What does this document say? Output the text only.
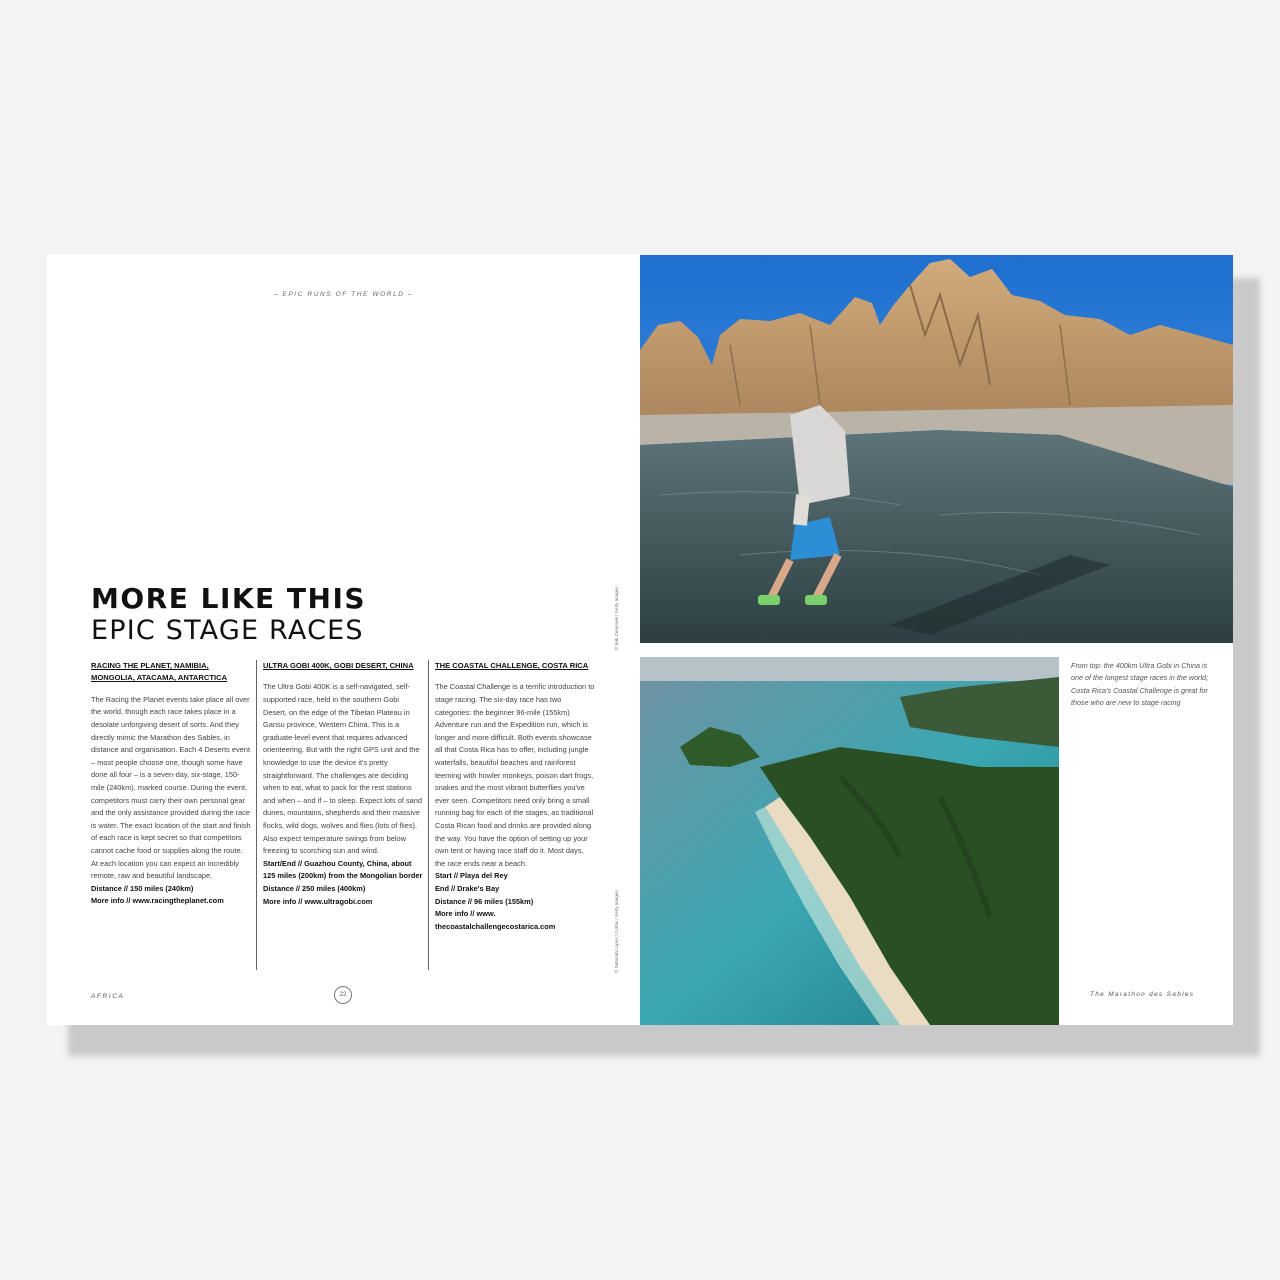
– EPIC RUNS OF THE WORLD –
MORE LIKE THIS
EPIC STAGE RACES

RACING THE PLANET, NAMIBIA, MONGOLIA, ATACAMA, ANTARCTICA

The Racing the Planet events take place all over the world, though each race takes place in a desolate unforgiving desert of sorts. And they directly mimic the Marathon des Sables, in distance and organisation. Each 4 Deserts event – most people choose one, though some have done all four – is a seven-day, six-stage, 150-mile (240km), marked course. During the event, competitors must carry their own personal gear and the only assistance provided during the race is water. The exact location of the start and finish of each race is kept secret so that competitors cannot cache food or supplies along the route. At each location you can expect an incredibly remote, raw and beautiful landscape.

Distance // 150 miles (240km)
More info // www.racingtheplanet.com

ULTRA GOBI 400K, GOBI DESERT, CHINA

The Ultra Gobi 400K is a self-navigated, self-supported race, held in the southern Gobi Desert, on the edge of the Tibetan Plateau in Gansu province, Western China. This is a graduate-level event that requires advanced orienteering. But with the right GPS unit and the knowledge to use the device it's pretty straightforward. The challenges are deciding when to eat, what to pack for the rest stations and when – and if – to sleep. Expect lots of sand dunes, mountains, shepherds and their massive flocks, wild dogs, wolves and flies (lots of flies). Also expect temperature swings from below freezing to scorching sun and wind.

Start/End // Guazhou County, China, about 125 miles (200km) from the Mongolian border
Distance // 250 miles (400km)
More info // www.ultragobi.com

THE COASTAL CHALLENGE, COSTA RICA

The Coastal Challenge is a terrific introduction to stage racing. The six-day race has two categories: the beginner 96-mile (155km) Adventure run and the Expedition run, which is longer and more difficult. Both events showcase all that Costa Rica has to offer, including jungle waterfalls, beautiful beaches and rainforest teeming with howler monkeys, poison dart frogs, snakes and the most vibrant butterflies you've ever seen. Competitors need only bring a small running bag for each of the stages, as traditional Costa Rican food and drinks are provided along the way. You have the option of setting up your own tent or having race staff do it. Most days, the race ends near a beach.

Start // Playa del Rey
End // Drake's Bay
Distance // 96 miles (155km)
More info // www.
thecoastalchallengecostarica.com
© Erik Cernosek / Getty Images
© Deborah Lopez / Corbis / Getty Images
AFRICA	22
From top: the 400km Ultra Gobi in China is one of the longest stage races in the world; Costa Rica's Coastal Challenge is great for those who are new to stage racing
The Marathon des Sables
